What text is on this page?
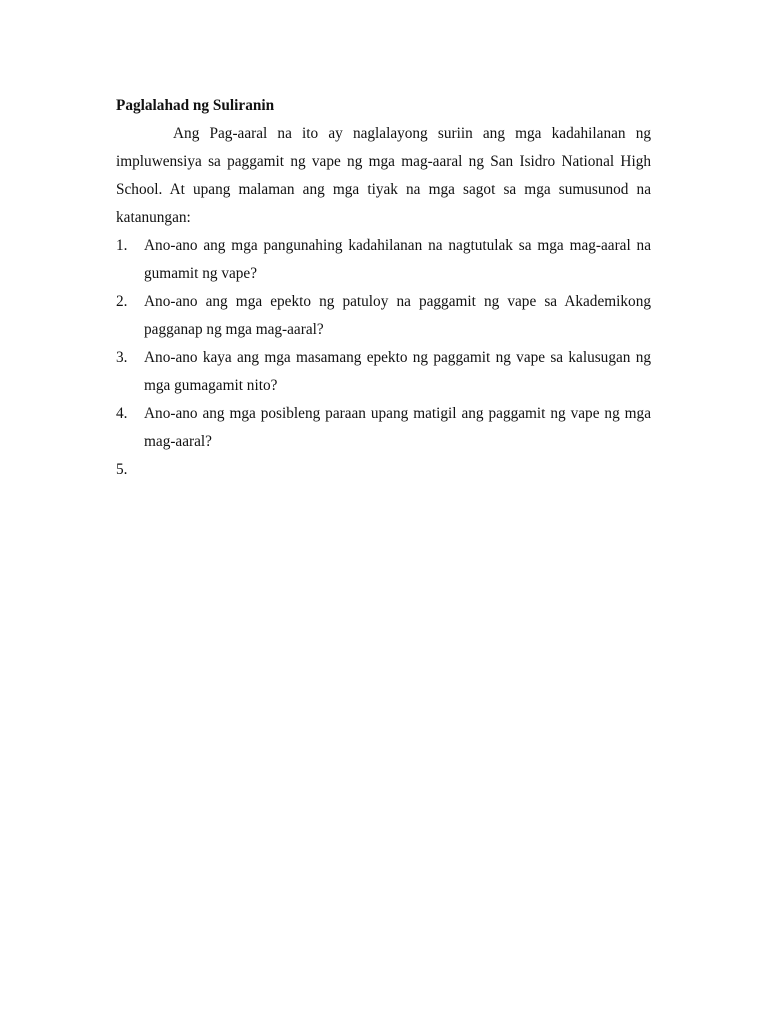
Paglalahad ng Suliranin

Ang Pag-aaral na ito ay naglalayong suriin ang mga kadahilanan ng impluwensiya sa paggamit ng vape ng mga mag-aaral ng San Isidro National High School. At upang malaman ang mga tiyak na mga sagot sa mga sumusunod na katanungan:

1. Ano-ano ang mga pangunahing kadahilanan na nagtutulak sa mga mag-aaral na gumamit ng vape?
2. Ano-ano ang mga epekto ng patuloy na paggamit ng vape sa Akademikong pagganap ng mga mag-aaral?
3. Ano-ano kaya ang mga masamang epekto ng paggamit ng vape sa kalusugan ng mga gumagamit nito?
4. Ano-ano ang mga posibleng paraan upang matigil ang paggamit ng vape ng mga mag-aaral?
5.
